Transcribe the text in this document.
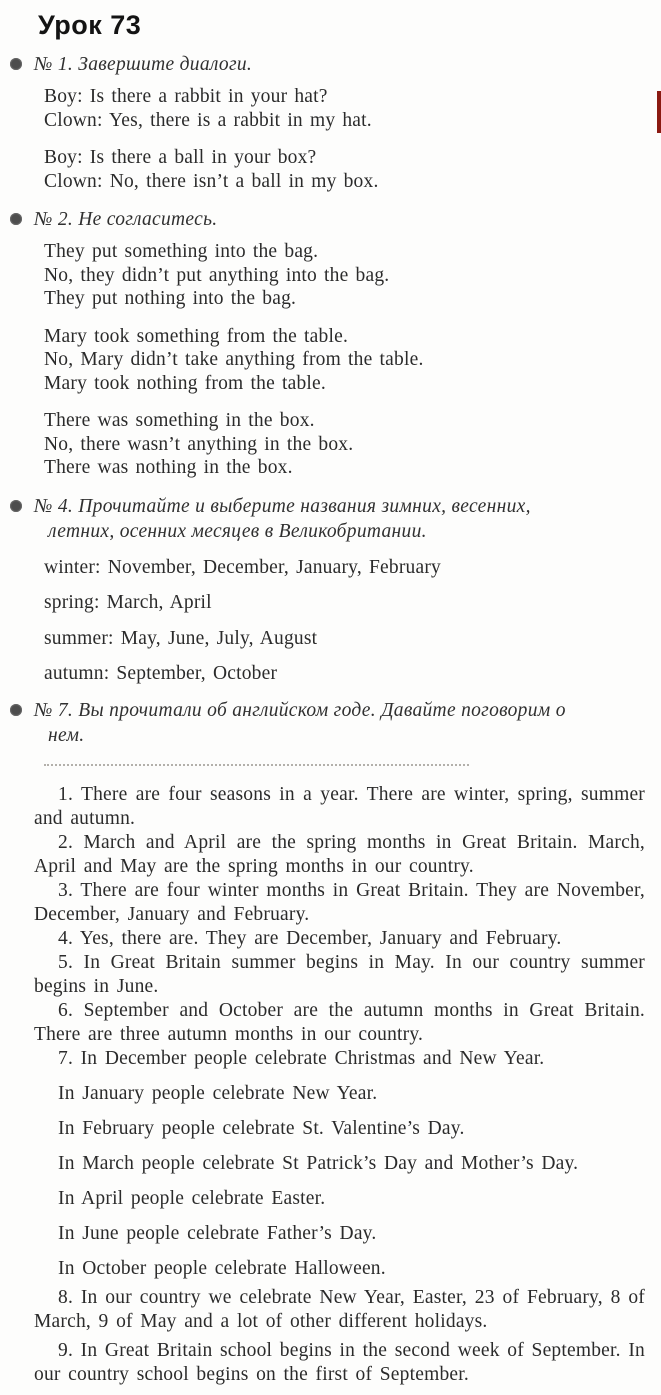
Урок 73
№ 1. Завершите диалоги.
Boy: Is there a rabbit in your hat?
Clown: Yes, there is a rabbit in my hat.
Boy: Is there a ball in your box?
Clown: No, there isn’t a ball in my box.
№ 2. Не согласитесь.
They put something into the bag.
No, they didn’t put anything into the bag.
They put nothing into the bag.
Mary took something from the table.
No, Mary didn’t take anything from the table.
Mary took nothing from the table.
There was something in the box.
No, there wasn’t anything in the box.
There was nothing in the box.
№ 4. Прочитайте и выберите названия зимних, весенних, летних, осенних месяцев в Великобритании.
winter: November, December, January, February
spring: March, April
summer: May, June, July, August
autumn: September, October
№ 7. Вы прочитали об английском годе. Давайте поговорим о нем.

1. There are four seasons in a year. There are winter, spring, summer and autumn.

2. March and April are the spring months in Great Britain. March, April and May are the spring months in our country.

3. There are four winter months in Great Britain. They are November, December, January and February.

4. Yes, there are. They are December, January and February.

5. In Great Britain summer begins in May. In our country summer begins in June.

6. September and October are the autumn months in Great Britain. There are three autumn months in our country.

7. In December people celebrate Christmas and New Year.

In January people celebrate New Year.

In February people celebrate St. Valentine’s Day.

In March people celebrate St Patrick’s Day and Mother’s Day.

In April people celebrate Easter.

In June people celebrate Father’s Day.

In October people celebrate Halloween.

8. In our country we celebrate New Year, Easter, 23 of February, 8 of March, 9 of May and a lot of other different holidays.

9. In Great Britain school begins in the second week of September. In our country school begins on the first of September.
